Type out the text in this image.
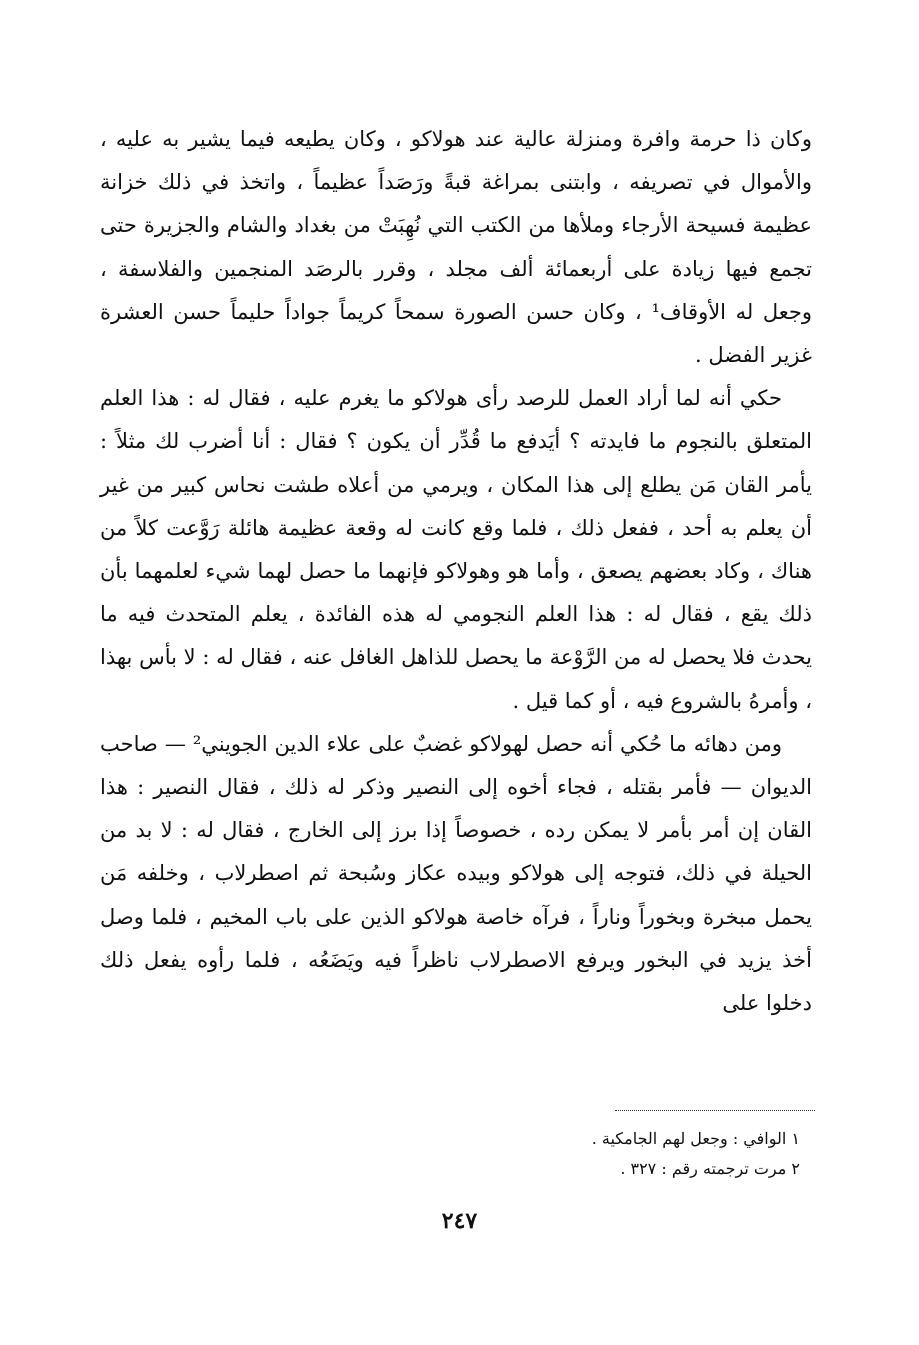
وكان ذا حرمة وافرة ومنزلة عالية عند هولاكو ، وكان يطيعه فيما يشير به عليه ، والأموال في تصريفه ، وابتنى بمراغة قبةً ورَصَداً عظيماً ، واتخذ في ذلك خزانة عظيمة فسيحة الأرجاء وملأها من الكتب التي نُهِبَتْ من بغداد والشام والجزيرة حتى تجمع فيها زيادة على أربعمائة ألف مجلد ، وقرر بالرصَد المنجمين والفلاسفة ، وجعل له الأوقاف¹ ، وكان حسن الصورة سمحاً كريماً جواداً حليماً حسن العشرة غزير الفضل .

حكي أنه لما أراد العمل للرصد رأى هولاكو ما يغرم عليه ، فقال له : هذا العلم المتعلق بالنجوم ما فايدته ؟ أيَدفع ما قُدِّر أن يكون ؟ فقال : أنا أضرب لك مثلاً : يأمر القان مَن يطلع إلى هذا المكان ، ويرمي من أعلاه طشت نحاس كبير من غير أن يعلم به أحد ، ففعل ذلك ، فلما وقع كانت له وقعة عظيمة هائلة رَوَّعت كلاً من هناك ، وكاد بعضهم يصعق ، وأما هو وهولاكو فإنهما ما حصل لهما شيء لعلمهما بأن ذلك يقع ، فقال له : هذا العلم النجومي له هذه الفائدة ، يعلم المتحدث فيه ما يحدث فلا يحصل له من الرَّوْعة ما يحصل للذاهل الغافل عنه ، فقال له : لا بأس بهذا ، وأمرهُ بالشروع فيه ، أو كما قيل .

ومن دهائه ما حُكي أنه حصل لهولاكو غضبٌ على علاء الدين الجويني² — صاحب الديوان — فأمر بقتله ، فجاء أخوه إلى النصير وذكر له ذلك ، فقال النصير : هذا القان إن أمر بأمر لا يمكن رده ، خصوصاً إذا برز إلى الخارج ، فقال له : لا بد من الحيلة في ذلك، فتوجه إلى هولاكو وبيده عكاز وسُبحة ثم اصطرلاب ، وخلفه مَن يحمل مبخرة وبخوراً وناراً ، فرآه خاصة هولاكو الذين على باب المخيم ، فلما وصل أخذ يزيد في البخور ويرفع الاصطرلاب ناظراً فيه ويَضَعُه ، فلما رأوه يفعل ذلك دخلوا على

١ الوافي : وجعل لهم الجامكية .

٢ مرت ترجمته رقم : ٣٢٧ .

٢٤٧
